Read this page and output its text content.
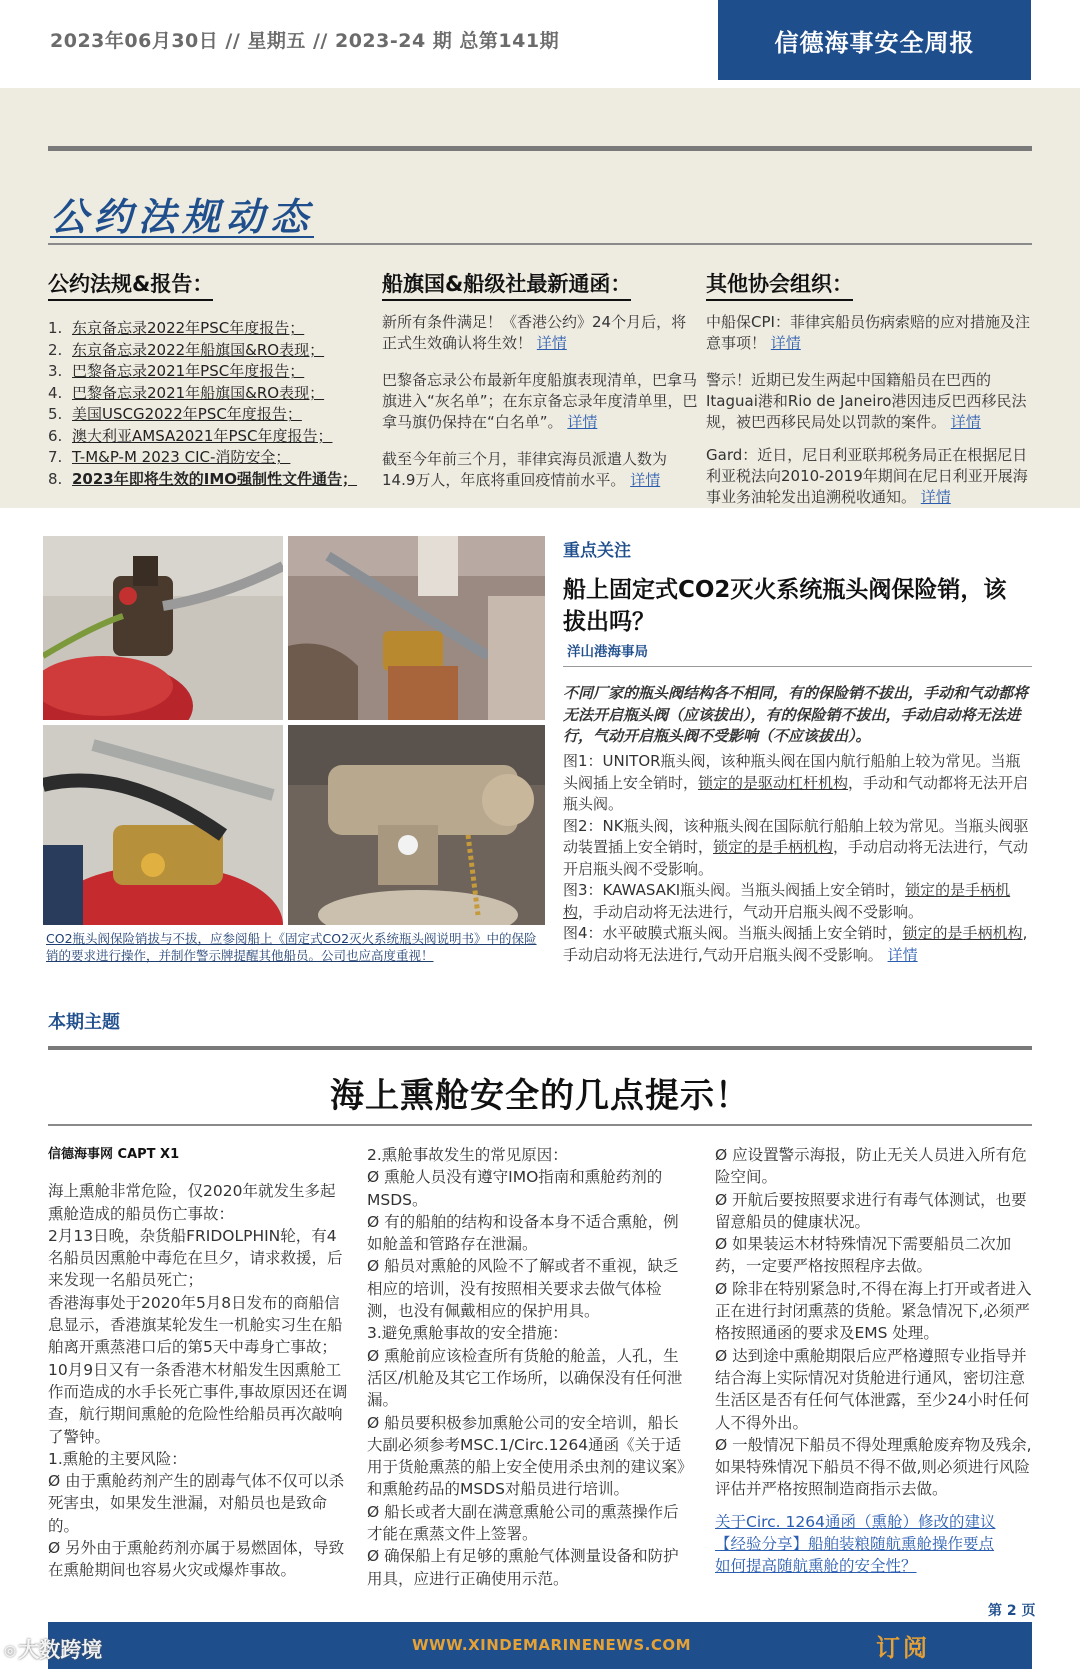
2023年06月30日 // 星期五 // 2023-24 期 总第141期	信德海事安全周报
公约法规动态
公约法规&报告：	船旗国&船级社最新通函：	其他协会组织：
1. 东京备忘录2022年PSC年度报告；
2. 东京备忘录2022年船旗国&RO表现；
3. 巴黎备忘录2021年PSC年度报告；
4. 巴黎备忘录2021年船旗国&RO表现；
5. 美国USCG2022年PSC年度报告；
6. 澳大利亚AMSA2021年PSC年度报告；
7. T-M&P-M 2023 CIC-消防安全；
8. 2023年即将生效的IMO强制性文件通告；
新所有条件满足！《香港公约》24个月后，将正式生效确认将生效！ 详情
巴黎备忘录公布最新年度船旗表现清单，巴拿马旗进入“灰名单”；在东京备忘录年度清单里，巴拿马旗仍保持在“白名单”。 详情
截至今年前三个月，菲律宾海员派遣人数为14.9万人，年底将重回疫情前水平。 详情
中船保CPI：菲律宾船员伤病索赔的应对措施及注意事项！ 详情
警示！近期已发生两起中国籍船员在巴西的Itaguai港和Rio de Janeiro港因违反巴西移民法规，被巴西移民局处以罚款的案件。 详情
Gard：近日，尼日利亚联邦税务局正在根据尼日利亚税法向2010-2019年期间在尼日利亚开展海事业务油轮发出追溯税收通知。 详情
CO2瓶头阀保险销拔与不拔，应参阅船上《固定式CO2灭火系统瓶头阀说明书》中的保险销的要求进行操作，并制作警示牌提醒其他船员。公司也应高度重视！
重点关注
船上固定式CO2灭火系统瓶头阀保险销，该拔出吗？
洋山港海事局
不同厂家的瓶头阀结构各不相同，有的保险销不拔出，手动和气动都将无法开启瓶头阀（应该拔出），有的保险销不拔出，手动启动将无法进行，气动开启瓶头阀不受影响（不应该拔出）。

图1：UNITOR瓶头阀，该种瓶头阀在国内航行船舶上较为常见。当瓶头阀插上安全销时，锁定的是驱动杠杆机构，手动和气动都将无法开启瓶头阀。

图2：NK瓶头阀，该种瓶头阀在国际航行船舶上较为常见。当瓶头阀驱动装置插上安全销时，锁定的是手柄机构，手动启动将无法进行，气动开启瓶头阀不受影响。

图3：KAWASAKI瓶头阀。当瓶头阀插上安全销时，锁定的是手柄机构，手动启动将无法进行，气动开启瓶头阀不受影响。

图4：水平破膜式瓶头阀。当瓶头阀插上安全销时，锁定的是手柄机构,手动启动将无法进行,气动开启瓶头阀不受影响。 详情

本期主题
海上熏舱安全的几点提示！

信德海事网 CAPT X1

海上熏舱非常危险，仅2020年就发生多起熏舱造成的船员伤亡事故：

2月13日晚，杂货船FRIDOLPHIN轮，有4名船员因熏舱中毒危在旦夕，请求救援，后来发现一名船员死亡；

香港海事处于2020年5月8日发布的商船信息显示，香港旗某轮发生一机舱实习生在船舶离开熏蒸港口后的第5天中毒身亡事故；

10月9日又有一条香港木材船发生因熏舱工作而造成的水手长死亡事件,事故原因还在调查，航行期间熏舱的危险性给船员再次敲响了警钟。

1.熏舱的主要风险：

Ø 由于熏舱药剂产生的剧毒气体不仅可以杀死害虫，如果发生泄漏，对船员也是致命的。

Ø 另外由于熏舱药剂亦属于易燃固体，导致在熏舱期间也容易火灾或爆炸事故。

2.熏舱事故发生的常见原因：

Ø 熏舱人员没有遵守IMO指南和熏舱药剂的MSDS。

Ø 有的船舶的结构和设备本身不适合熏舱，例如舱盖和管路存在泄漏。

Ø 船员对熏舱的风险不了解或者不重视，缺乏相应的培训，没有按照相关要求去做气体检测，也没有佩戴相应的保护用具。

3.避免熏舱事故的安全措施：

Ø 熏舱前应该检查所有货舱的舱盖，人孔，生活区/机舱及其它工作场所，以确保没有任何泄漏。

Ø 船员要积极参加熏舱公司的安全培训，船长大副必须参考MSC.1/Circ.1264通函《关于适用于货舱熏蒸的船上安全使用杀虫剂的建议案》和熏舱药品的MSDS对船员进行培训。

Ø 船长或者大副在满意熏舱公司的熏蒸操作后才能在熏蒸文件上签署。

Ø 确保船上有足够的熏舱气体测量设备和防护用具，应进行正确使用示范。

Ø 应设置警示海报，防止无关人员进入所有危险空间。

Ø 开航后要按照要求进行有毒气体测试，也要留意船员的健康状况。

Ø 如果装运木材特殊情况下需要船员二次加药，一定要严格按照程序去做。

Ø 除非在特别紧急时,不得在海上打开或者进入正在进行封闭熏蒸的货舱。紧急情况下,必须严格按照通函的要求及EMS 处理。

Ø 达到途中熏舱期限后应严格遵照专业指导并结合海上实际情况对货舱进行通风，密切注意生活区是否有任何气体泄露，至少24小时任何人不得外出。

Ø 一般情况下船员不得处理熏舱废弃物及残余,如果特殊情况下船员不得不做,则必须进行风险评估并严格按照制造商指示去做。

关于Circ. 1264通函（熏舱）修改的建议

【经验分享】船舶装粮随航熏舱操作要点

如何提高随航熏舱的安全性？

第 2 页
WWW.XINDEMARINENEWS.COM	订阅
◎大数跨境
